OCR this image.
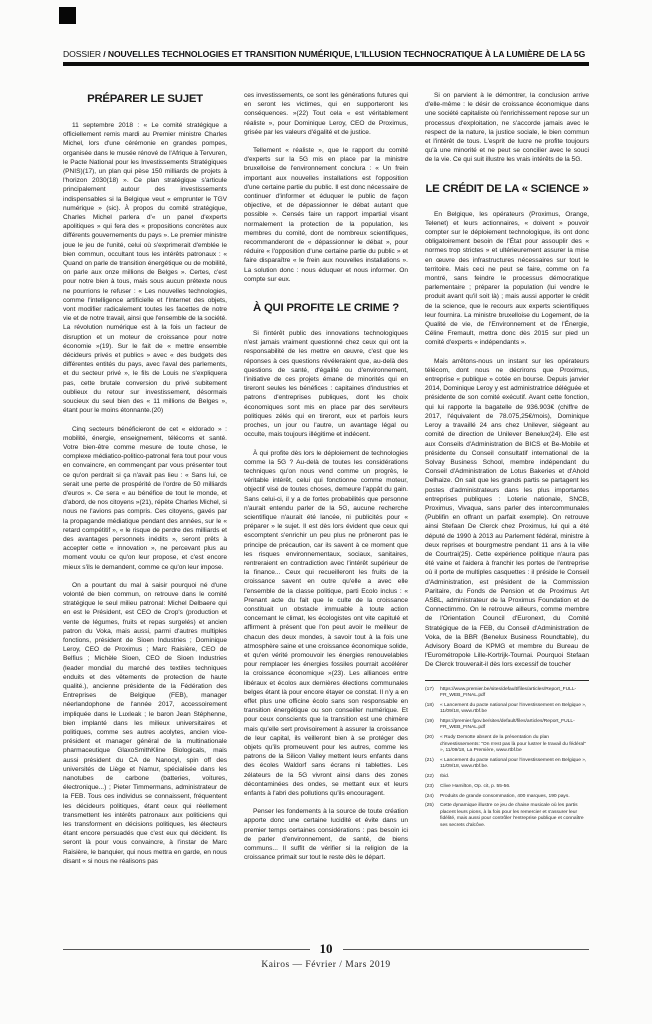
DOSSIER / NOUVELLES TECHNOLOGIES ET TRANSITION NUMÉRIQUE, L'ILLUSION TECHNOCRATIQUE À LA LUMIÈRE DE LA 5G
PRÉPARER LE SUJET

11 septembre 2018 : « Le comité stratégique a officiellement remis mardi au Premier ministre Charles Michel, lors d'une cérémonie en grandes pompes, organisée dans le musée rénové de l'Afrique à Tervuren, le Pacte National pour les Investissements Stratégiques (PNIS)(17), un plan qui pèse 150 milliards de projets à l'horizon 2030(18) ». Ce plan stratégique s'articule principalement autour des investissements indispensables si la Belgique veut « emprunter le TGV numérique » (sic). À propos du comité stratégique, Charles Michel parlera d'« un panel d'experts apolitiques » qui fera des « propositions concrètes aux différents gouvernements du pays ». Le premier ministre joue le jeu de l'unité, celui où s'exprimerait d'emblée le bien commun, occultant tous les intérêts patronaux : « Quand on parle de transition énergétique ou de mobilité, on parle aux onze millions de Belges ». Certes, c'est pour notre bien à tous, mais sous aucun prétexte nous ne pourrions le refuser : « Les nouvelles technologies, comme l'intelligence artificielle et l'Internet des objets, vont modifier radicalement toutes les facettes de notre vie et de notre travail, ainsi que l'ensemble de la société. La révolution numérique est à la fois un facteur de disruption et un moteur de croissance pour notre économie »(19). Sur le fait de « mettre ensemble décideurs privés et publics » avec « des budgets des différentes entités du pays, avec l'aval des parlements, et du secteur privé », le fils de Louis ne s'expliquera pas, cette brutale conversion du privé subitement oublieux du retour sur investissement, désormais soucieux du seul bien des « 11 millions de Belges », étant pour le moins étonnante.(20)

Cinq secteurs bénéficieront de cet « eldorado » : mobilité, énergie, enseignement, télécoms et santé. Votre bien-être comme mesure de toute chose, le complexe médiatico-politico-patronal fera tout pour vous en convaincre, en commençant par vous présenter tout ce qu'on perdrait si ça n'avait pas lieu : « Sans lui, ce serait une perte de prospérité de l'ordre de 50 milliards d'euros ». Ce sera « au bénéfice de tout le monde, et d'abord, de nos citoyens »(21), répète Charles Michel, si nous ne l'avions pas compris. Ces citoyens, gavés par la propagande médiatique pendant des années, sur le « retard compétitif », « le risque de perdre des milliards et des avantages personnels inédits », seront prêts à accepter cette « innovation », ne percevant plus au moment voulu ce qu'on leur propose, et c'est encore mieux s'ils le demandent, comme ce qu'on leur impose.

On a pourtant du mal à saisir pourquoi né d'une volonté de bien commun, on retrouve dans le comité stratégique le seul milieu patronal: Michel Delbaere qui en est le Président, est CEO de Crop's (production et vente de légumes, fruits et repas surgelés) et ancien patron du Voka, mais aussi, parmi d'autres multiples fonctions, président de Sioen Industries ; Dominique Leroy, CEO de Proximus ; Marc Raisière, CEO de Belfius ; Michèle Sioen, CEO de Sioen Industries (leader mondial du marché des textiles techniques enduits et des vêtements de protection de haute qualité.), ancienne présidente de la Fédération des Entreprises de Belgique (FEB), manager néerlandophone de l'année 2017, accessoirement impliquée dans le Luxleak ; le baron Jean Stéphenne, bien implanté dans les milieux universitaires et politiques, comme ses autres acolytes, ancien vice-président et manager général de la multinationale pharmaceutique GlaxoSmithKline Biologicals, mais aussi président du CA de Nanocyl, spin off des universités de Liège et Namur, spécialisée dans les nanotubes de carbone (batteries, voitures, électronique...) ; Pieter Timmermans, administrateur de la FEB. Tous ces individus se connaissent, fréquentent les décideurs politiques, étant ceux qui réellement transmettent les intérêts patronaux aux politiciens qui les transforment en décisions politiques, les électeurs étant encore persuadés que c'est eux qui décident. Ils seront là pour vous convaincre, à l'instar de Marc Raisière, le banquier, qui nous mettra en garde, en nous disant « si nous ne réalisons pas

ces investissements, ce sont les générations futures qui en seront les victimes, qui en supporteront les conséquences. »(22) Tout cela « est véritablement réaliste », pour Dominique Leroy, CEO de Proximus, grisée par les valeurs d'égalité et de justice.

Tellement « réaliste », que le rapport du comité d'experts sur la 5G mis en place par la ministre bruxelloise de l'environnement conclura : « Un frein important aux nouvelles installations est l'opposition d'une certaine partie du public. Il est donc nécessaire de continuer d'informer et éduquer le public de façon objective, et de dépassionner le débat autant que possible ». Censés faire un rapport impartial visant normalement la protection de la population, les membres du comité, dont de nombreux scientifiques, recommanderont de « dépassionner le débat », pour réduire « l'opposition d'une certaine partie du public » et faire disparaître « le frein aux nouvelles installations ». La solution donc : nous éduquer et nous informer. On compte sur eux.

À QUI PROFITE LE CRIME ?

Si l'intérêt public des innovations technologiques n'est jamais vraiment questionné chez ceux qui ont la responsabilité de les mettre en œuvre, c'est que les réponses à ces questions révéleraient que, au-delà des questions de santé, d'égalité ou d'environnement, l'initiative de ces projets émane de minorités qui en tireront seules les bénéfices : capitaines d'industries et patrons d'entreprises publiques, dont les choix économiques sont mis en place par des serviteurs politiques zélés qui en tireront, eux et parfois leurs proches, un jour ou l'autre, un avantage légal ou occulte, mais toujours illégitime et indécent.

À qui profite dès lors le déploiement de technologies comme la 5G ? Au-delà de toutes les considérations techniques qu'on nous vend comme un progrès, le véritable intérêt, celui qui fonctionne comme moteur, objectif visé de toutes choses, demeure l'appât du gain. Sans celui-ci, il y a de fortes probabilités que personne n'aurait entendu parler de la 5G, aucune recherche scientifique n'aurait été lancée, ni publicités pour « préparer » le sujet. Il est dès lors évident que ceux qui escomptent s'enrichir un peu plus ne prôneront pas le principe de précaution, car ils savent à ce moment que les risques environnementaux, sociaux, sanitaires, rentreraient en contradiction avec l'intérêt supérieur de la finance... Ceux qui recueilleront les fruits de la croissance savent en outre qu'elle a avec elle l'ensemble de la classe politique, parti Ecolo inclus : « Prenant acte du fait que le culte de la croissance constituait un obstacle immuable à toute action concernant le climat, les écologistes ont vite capitulé et affirment à présent que l'on peut avoir le meilleur de chacun des deux mondes, à savoir tout à la fois une atmosphère saine et une croissance économique solide, et qu'en vérité promouvoir les énergies renouvelables pour remplacer les énergies fossiles pourrait accélérer la croissance économique »(23). Les alliances entre libéraux et écolos aux dernières élections communales belges étant là pour encore étayer ce constat. Il n'y a en effet plus une officine écolo sans son responsable en transition énergétique ou son conseiller numérique. Et pour ceux conscients que la transition est une chimère mais qu'elle sert provisoirement à assurer la croissance de leur capital, ils veilleront bien à se protéger des objets qu'ils promeuvent pour les autres, comme les patrons de la Silicon Valley mettent leurs enfants dans des écoles Waldorf sans écrans ni tablettes. Les zélateurs de la 5G vivront ainsi dans des zones décontaminées des ondes, se mettant eux et leurs enfants à l'abri des pollutions qu'ils encouragent.

Penser les fondements à la source de toute création apporte donc une certaine lucidité et évite dans un premier temps certaines considérations : pas besoin ici de parler d'environnement, de santé, de biens communs... Il suffit de vérifier si la religion de la croissance primait sur tout le reste dès le départ.

Si on parvient à le démontrer, la conclusion arrive d'elle-même : le désir de croissance économique dans une société capitaliste où l'enrichissement repose sur un processus d'exploitation, ne s'accorde jamais avec le respect de la nature, la justice sociale, le bien commun et l'intérêt de tous. L'esprit de lucre ne profite toujours qu'à une minorité et ne peut se concilier avec le souci de la vie. Ce qui suit illustre les vrais intérêts de la 5G.

LE CRÉDIT DE LA « SCIENCE »

En Belgique, les opérateurs (Proximus, Orange, Telenet) et leurs actionnaires, « doivent » pouvoir compter sur le déploiement technologique, ils ont donc obligatoirement besoin de l'État pour assouplir des « normes trop strictes » et ultérieurement assurer la mise en œuvre des infrastructures nécessaires sur tout le territoire. Mais ceci ne peut se faire, comme on l'a montré, sans feindre le processus démocratique parlementaire ; préparer la population (lui vendre le produit avant qu'il soit là) ; mais aussi apporter le crédit de la science, que le recours aux experts scientifiques leur fournira. La ministre bruxelloise du Logement, de la Qualité de vie, de l'Environnement et de l'Énergie, Céline Fremault, mettra donc dès 2015 sur pied un comité d'experts « indépendants ».

Mais arrêtons-nous un instant sur les opérateurs télécom, dont nous ne décrirons que Proximus, entreprise « publique » cotée en bourse. Depuis janvier 2014, Dominique Leroy y est administratrice déléguée et présidente de son comité exécutif. Avant cette fonction, qui lui rapporte la bagatelle de 936.903€ (chiffre de 2017, l'équivalent de 78.075,25€/mois), Dominique Leroy a travaillé 24 ans chez Unilever, siégeant au comité de direction de Unilever Benelux(24). Elle est aux Conseils d'Administration de BICS et Be-Mobile et présidente du Conseil consultatif international de la Solvay Business School, membre indépendant du Conseil d'Administration de Lotus Bakeries et d'Ahold Delhaize. On sait que les grands partis se partagent les postes d'administrateurs dans les plus importantes entreprises publiques : Loterie nationale, SNCB, Proximus, Vivaqua, sans parler des intercommunales (Publifin en offrant un parfait exemple). On retrouve ainsi Stefaan De Clerck chez Proximus, lui qui a été député de 1990 à 2013 au Parlement fédéral, ministre à deux reprises et bourgmestre pendant 11 ans à la ville de Courtrai(25). Cette expérience politique n'aura pas été vaine et l'aidera à franchir les portes de l'entreprise où il porte de multiples casquettes : il préside le Conseil d'Administration, est président de la Commission Paritaire, du Fonds de Pension et de Proximus Art ASBL, administrateur de la Proximus Foundation et de Connectimmo. On le retrouve ailleurs, comme membre de l'Orientation Council d'Euronext, du Comité Stratégique de la FEB, du Conseil d'Administration de Voka, de la BBR (Benelux Business Roundtable), du Advisory Board de KPMG et membre du Bureau de l'Eurométropole Lille-Kortrijk-Tournai. Pourquoi Stefaan De Clerck trouverait-il dès lors excessif de toucher

(17)	https://www.premier.be/sites/default/files/articles/Report_FULL-FR_WEB_FINAL.pdf
(18)	« Lancement du pacte national pour l'investissement en Belgique », 11/09/18, www.rtbf.be
(19)	https://premier.fgov.be/sites/default/files/articles/Report_FULL-FR_WEB_FINAL.pdf
(20)	« Rudy Demotte absent de la présentation du plan d'investissements: "On n'est pas là pour lustrer le travail du fédéral" », 11/09/18, La Première, www.rtbf.be
(21)	« Lancement du pacte national pour l'investissement en Belgique », 11/09/18, www.rtbf.be.
(22)	Ibid.
(23)	Clive Hamilton, Op. cit, p. 55-56.
(24)	Produits de grande consommation, 400 marques, 190 pays.
(25)	Cette dynamique illustre ce jeu de chaise musicale où les partis placent leurs pions, à la fois pour les remercier et s'assurer leur fidélité, mais aussi pour contrôler l'entreprise publique et connaître ses secrets d'alcôve.
10
Kairos — Février / Mars 2019
